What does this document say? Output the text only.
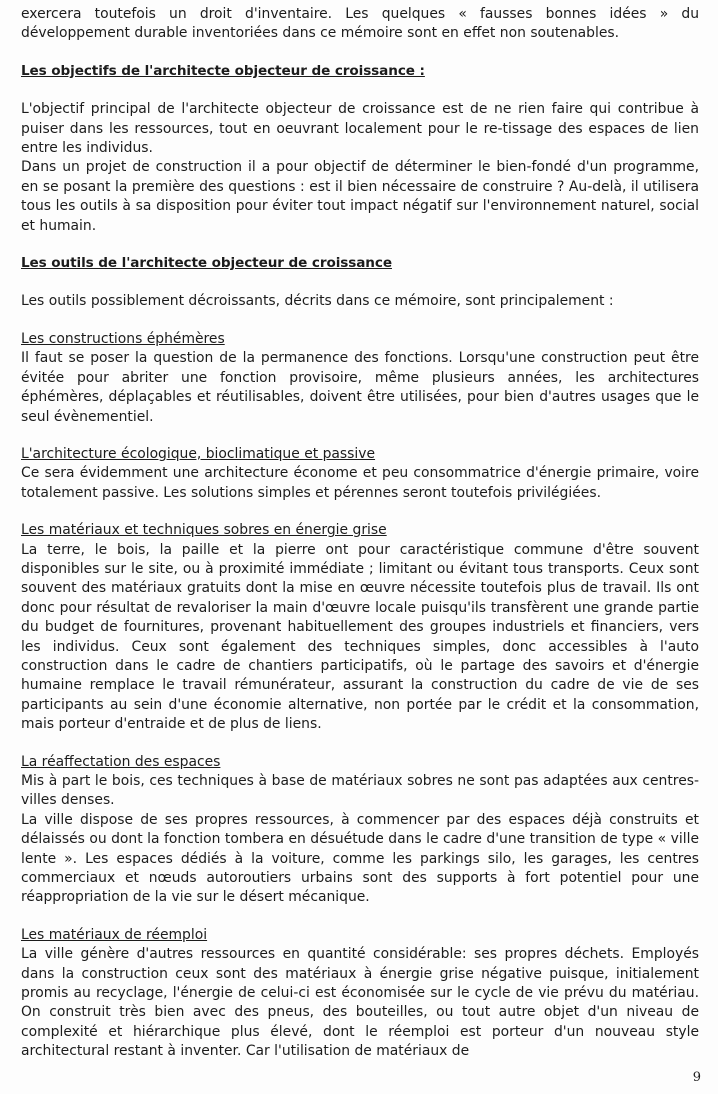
exercera toutefois un droit d'inventaire. Les quelques « fausses bonnes idées » du développement durable inventoriées dans ce mémoire sont en effet non soutenables.

Les objectifs de l'architecte objecteur de croissance :

L'objectif principal de l'architecte objecteur de croissance est de ne rien faire qui contribue à puiser dans les ressources, tout en oeuvrant localement pour le re-tissage des espaces de lien entre les individus.

Dans un projet de construction il a pour objectif de déterminer le bien-fondé d'un programme, en se posant la première des questions : est il bien nécessaire de construire ? Au-delà, il utilisera tous les outils à sa disposition pour éviter tout impact négatif sur l'environnement naturel, social et humain.

Les outils de l'architecte objecteur de croissance

Les outils possiblement décroissants, décrits dans ce mémoire, sont principalement :

Les constructions éphémères

Il faut se poser la question de la permanence des fonctions. Lorsqu'une construction peut être évitée pour abriter une fonction provisoire, même plusieurs années, les architectures éphémères, déplaçables et réutilisables, doivent être utilisées, pour bien d'autres usages que le seul évènementiel.

L'architecture écologique, bioclimatique et passive

Ce sera évidemment une architecture économe et peu consommatrice d'énergie primaire, voire totalement passive. Les solutions simples et pérennes seront toutefois privilégiées.

Les matériaux et techniques sobres en énergie grise

La terre, le bois, la paille et la pierre ont pour caractéristique commune d'être souvent disponibles sur le site, ou à proximité immédiate ; limitant ou évitant tous transports. Ceux sont souvent des matériaux gratuits dont la mise en œuvre nécessite toutefois plus de travail. Ils ont donc pour résultat de revaloriser la main d'œuvre locale puisqu'ils transfèrent une grande partie du budget de fournitures, provenant habituellement des groupes industriels et financiers, vers les individus. Ceux sont également des techniques simples, donc accessibles à l'auto construction dans le cadre de chantiers participatifs, où le partage des savoirs et d'énergie humaine remplace le travail rémunérateur, assurant la construction du cadre de vie de ses participants au sein d'une économie alternative, non portée par le crédit et la consommation, mais porteur d'entraide et de plus de liens.

La réaffectation des espaces

Mis à part le bois, ces techniques à base de matériaux sobres ne sont pas adaptées aux centres-villes denses.

La ville dispose de ses propres ressources, à commencer par des espaces déjà construits et délaissés ou dont la fonction tombera en désuétude dans le cadre d'une transition de type « ville lente ». Les espaces dédiés à la voiture, comme les parkings silo, les garages, les centres commerciaux et nœuds autoroutiers urbains sont des supports à fort potentiel pour une réappropriation de la vie sur le désert mécanique.

Les matériaux de réemploi

La ville génère d'autres ressources en quantité considérable: ses propres déchets. Employés dans la construction ceux sont des matériaux à énergie grise négative puisque, initialement promis au recyclage, l'énergie de celui-ci est économisée sur le cycle de vie prévu du matériau. On construit très bien avec des pneus, des bouteilles, ou tout autre objet d'un niveau de complexité et hiérarchique plus élevé, dont le réemploi est porteur d'un nouveau style architectural restant à inventer. Car l'utilisation de matériaux de

9
